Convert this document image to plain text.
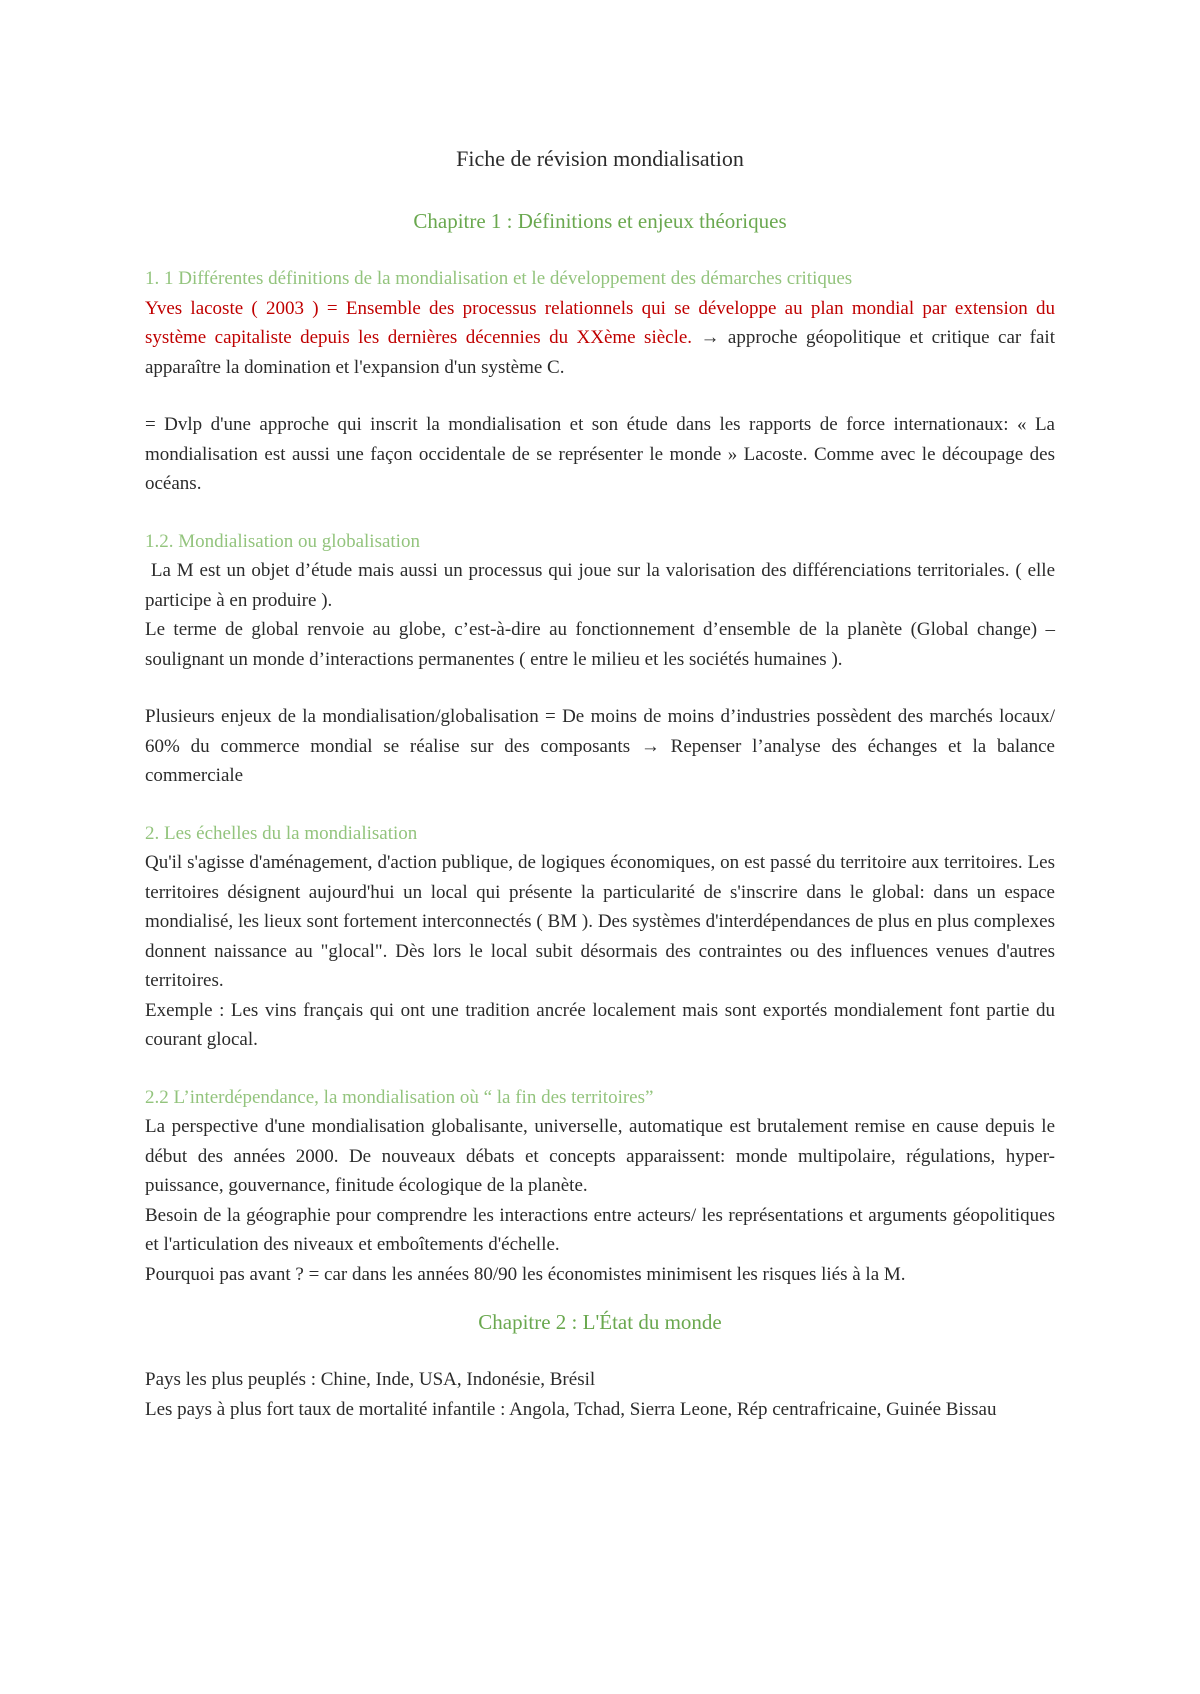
Fiche de révision mondialisation
Chapitre 1 : Définitions et enjeux théoriques
1. 1 Différentes définitions de la mondialisation et le développement des démarches critiques

Yves lacoste ( 2003 ) = Ensemble des processus relationnels qui se développe au plan mondial par extension du système capitaliste depuis les dernières décennies du XXème siècle. → approche géopolitique et critique car fait apparaître la domination et l'expansion d'un système C.

= Dvlp d'une approche qui inscrit la mondialisation et son étude dans les rapports de force internationaux: « La mondialisation est aussi une façon occidentale de se représenter le monde » Lacoste. Comme avec le découpage des océans.

1.2. Mondialisation ou globalisation

La M est un objet d’étude mais aussi un processus qui joue sur la valorisation des différenciations territoriales. ( elle participe à en produire ).

Le terme de global renvoie au globe, c’est-à-dire au fonctionnement d’ensemble de la planète (Global change) – soulignant un monde d’interactions permanentes ( entre le milieu et les sociétés humaines ).

Plusieurs enjeux de la mondialisation/globalisation = De moins de moins d’industries possèdent des marchés locaux/ 60% du commerce mondial se réalise sur des composants → Repenser l’analyse des échanges et la balance commerciale

2. Les échelles du la mondialisation

Qu'il s'agisse d'aménagement, d'action publique, de logiques économiques, on est passé du territoire aux territoires. Les territoires désignent aujourd'hui un local qui présente la particularité de s'inscrire dans le global: dans un espace mondialisé, les lieux sont fortement interconnectés ( BM ). Des systèmes d'interdépendances de plus en plus complexes donnent naissance au "glocal". Dès lors le local subit désormais des contraintes ou des influences venues d'autres territoires.

Exemple : Les vins français qui ont une tradition ancrée localement mais sont exportés mondialement font partie du courant glocal.

2.2 L’interdépendance, la mondialisation où “ la fin des territoires”

La perspective d'une mondialisation globalisante, universelle, automatique est brutalement remise en cause depuis le début des années 2000. De nouveaux débats et concepts apparaissent: monde multipolaire, régulations, hyper-puissance, gouvernance, finitude écologique de la planète.

Besoin de la géographie pour comprendre les interactions entre acteurs/ les représentations et arguments géopolitiques et l'articulation des niveaux et emboîtements d'échelle.

Pourquoi pas avant ? = car dans les années 80/90 les économistes minimisent les risques liés à la M.

Chapitre 2 : L'État du monde

Pays les plus peuplés : Chine, Inde, USA, Indonésie, Brésil

Les pays à plus fort taux de mortalité infantile : Angola, Tchad, Sierra Leone, Rép centrafricaine, Guinée Bissau
